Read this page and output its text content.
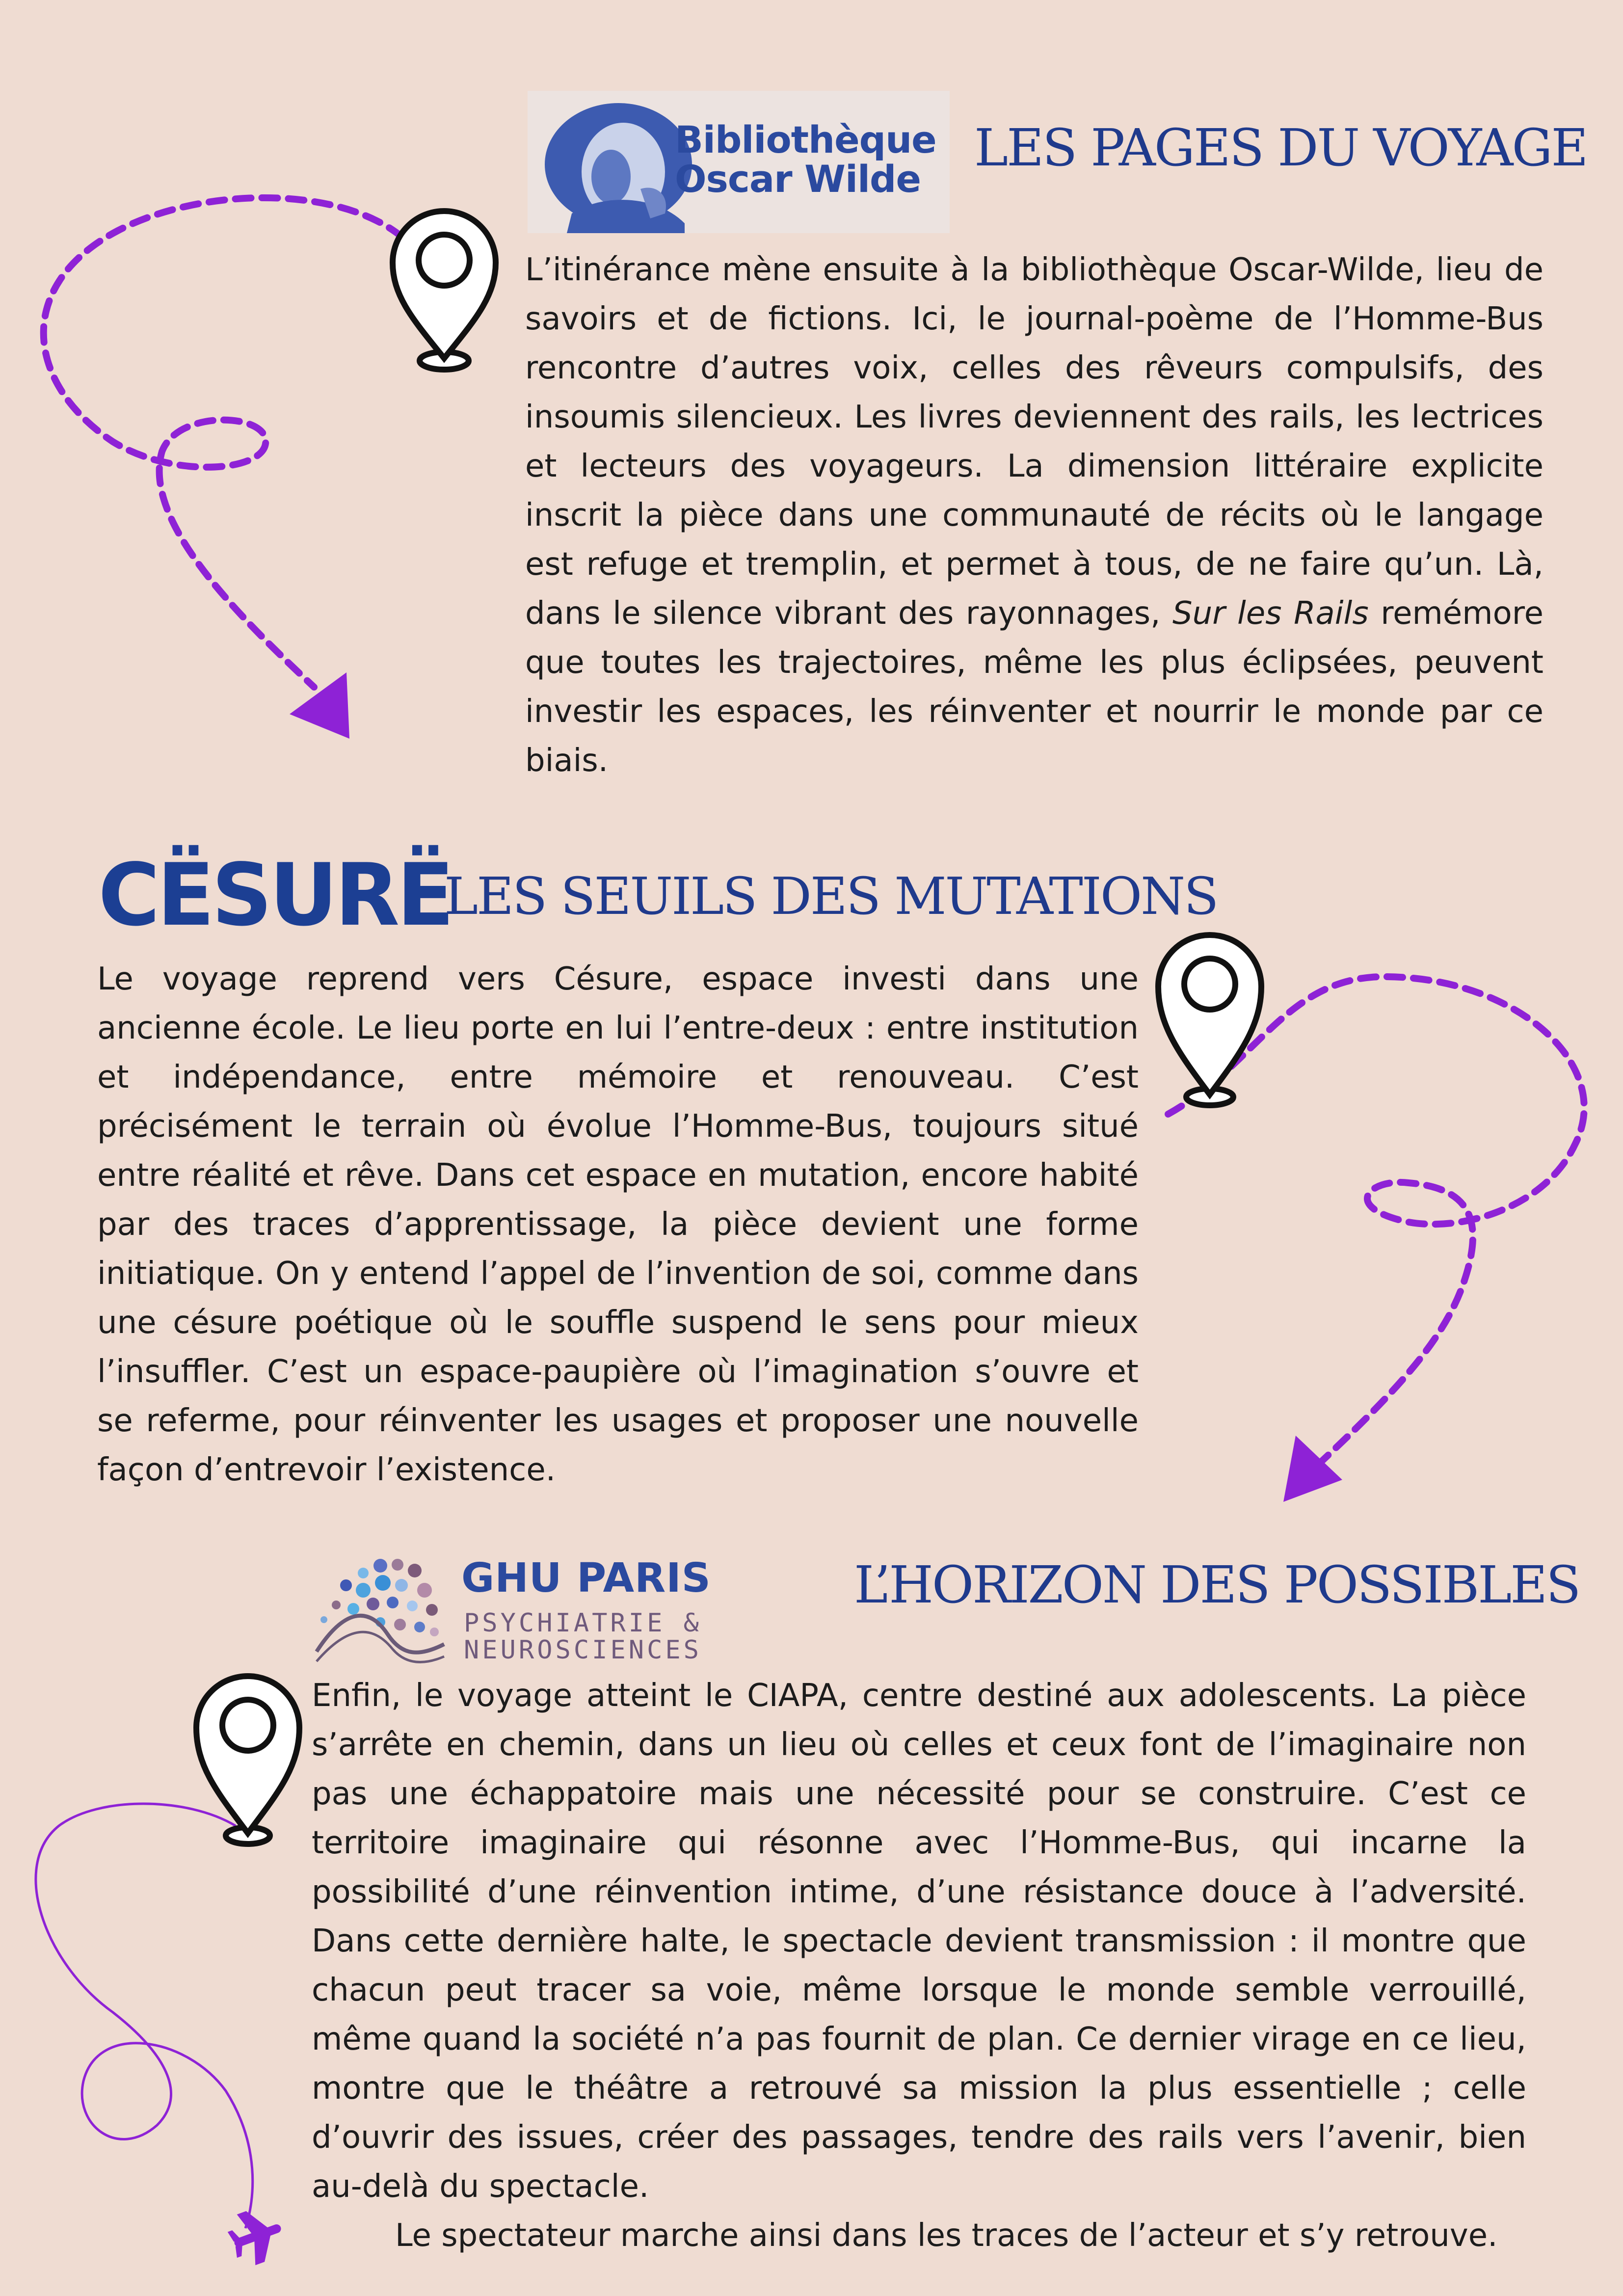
Bibliothèque
Oscar Wilde
LES PAGES DU VOYAGE
L’itinérance mène ensuite à la bibliothèque Oscar-Wilde, lieu de savoirs et de fictions. Ici, le journal-poème de l’Homme-Bus rencontre d’autres voix, celles des rêveurs compulsifs, des insoumis silencieux. Les livres deviennent des rails, les lectrices et lecteurs des voyageurs. La dimension littéraire explicite inscrit la pièce dans une communauté de récits où le langage est refuge et tremplin, et permet à tous, de ne faire qu’un. Là, dans le silence vibrant des rayonnages, Sur les Rails remémore que toutes les trajectoires, même les plus éclipsées, peuvent investir les espaces, les réinventer et nourrir le monde par ce biais.
CËSURË
LES SEUILS DES MUTATIONS
Le voyage reprend vers Césure, espace investi dans une ancienne école. Le lieu porte en lui l’entre-deux : entre institution et indépendance, entre mémoire et renouveau. C’est précisément le terrain où évolue l’Homme-Bus, toujours situé entre réalité et rêve. Dans cet espace en mutation, encore habité par des traces d’apprentissage, la pièce devient une forme initiatique. On y entend l’appel de l’invention de soi, comme dans une césure poétique où le souffle suspend le sens pour mieux l’insuffler. C’est un espace-paupière où l’imagination s’ouvre et se referme, pour réinventer les usages et proposer une nouvelle façon d’entrevoir l’existence.
GHU PARIS
PSYCHIATRIE &
NEUROSCIENCES
L’HORIZON DES POSSIBLES

Enfin, le voyage atteint le CIAPA, centre destiné aux adolescents. La pièce s’arrête en chemin, dans un lieu où celles et ceux font de l’imaginaire non pas une échappatoire mais une nécessité pour se construire. C’est ce territoire imaginaire qui résonne avec l’Homme-Bus, qui incarne la possibilité d’une réinvention intime, d’une résistance douce à l’adversité. Dans cette dernière halte, le spectacle devient transmission : il montre que chacun peut tracer sa voie, même lorsque le monde semble verrouillé, même quand la société n’a pas fournit de plan. Ce dernier virage en ce lieu, montre que le théâtre a retrouvé sa mission la plus essentielle ; celle d’ouvrir des issues, créer des passages, tendre des rails vers l’avenir, bien au-delà du spectacle.

Le spectateur marche ainsi dans les traces de l’acteur et s’y retrouve.
